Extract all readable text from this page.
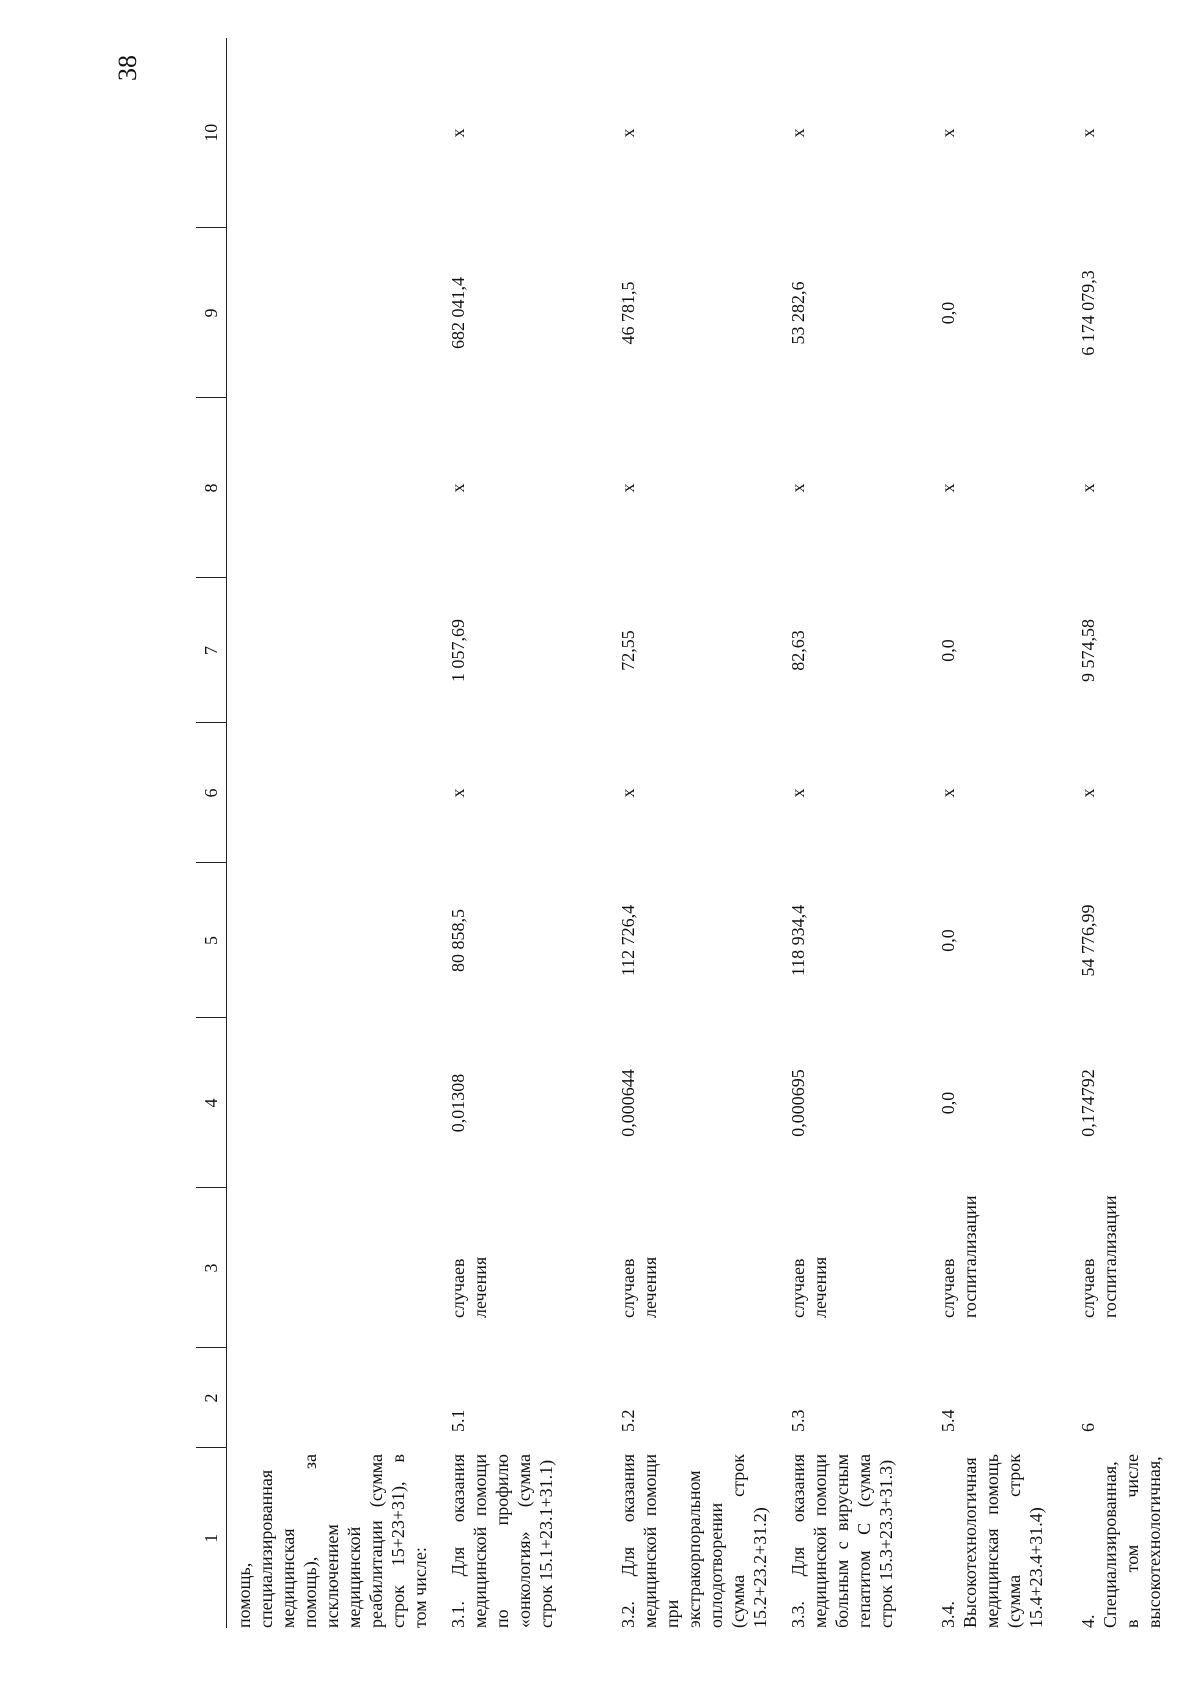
38
1	2	3	4	5	6	7	8	9	10
помощь, специализированная медицинская помощь), за исключением медицинской реабилитации (сумма строк 15+23+31), в том числе:									
3.1. Для оказания медицинской помощи по профилю «онкология» (сумма строк 15.1+23.1+31.1)	5.1	случаев лечения	0,01308	80 858,5	х	1 057,69	х	682 041,4	х
3.2. Для оказания медицинской помощи при экстракорпоральном оплодотворении (сумма строк 15.2+23.2+31.2)	5.2	случаев лечения	0,000644	112 726,4	х	72,55	х	46 781,5	х
3.3. Для оказания медицинской помощи больным с вирусным гепатитом С (сумма строк 15.3+23.3+31.3)	5.3	случаев лечения	0,000695	118 934,4	х	82,63	х	53 282,6	х
3.4. Высокотехнологичная медицинская помощь (сумма строк 15.4+23.4+31.4)	5.4	случаев госпитализации	0,0	0,0	х	0,0	х	0,0	х
4. Специализированная, в том числе высокотехнологичная,	6	случаев госпитализации	0,174792	54 776,99	х	9 574,58	х	6 174 079,3	х
